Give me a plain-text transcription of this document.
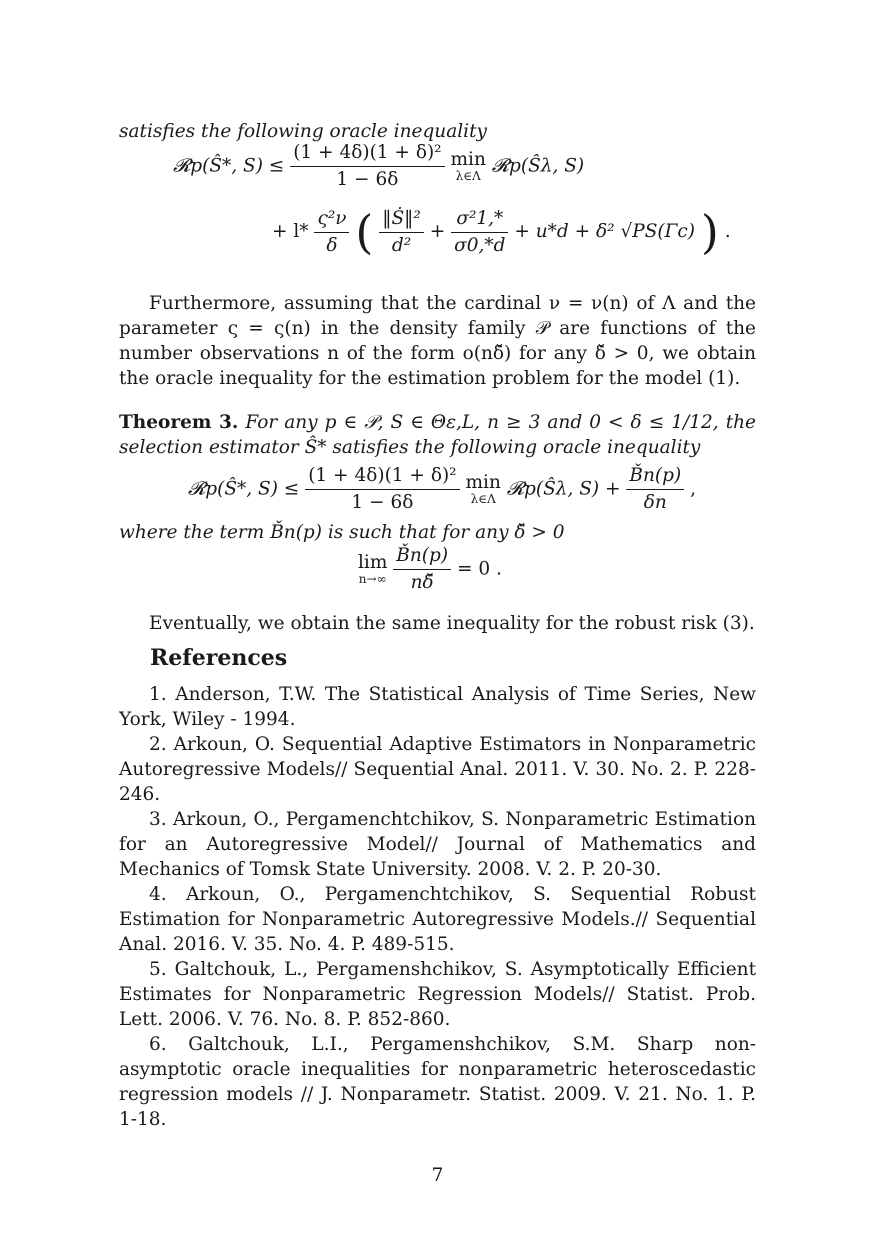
satisfies the following oracle inequality
𝓡p(Ŝ*, $S) \le \frac{\text{(1 + 4δ)(1 + δ)²}}{1 - 6\delta}$ min
λ∈Λ 𝓡p(Ŝλ, S)
+ $l* \frac{\text{ς²ν}}{\delta}$ ( $\frac{\text{‖Ṡ‖²}}{\text{d²}} + \frac{\text{σ²1,*}}{\sigma 0,*d} + u*d + \delta^2$ √PS(Γc) ) .
Furthermore, assuming that the cardinal ν = ν(n) of Λ and the parameter ς = ς(n) in the density family 𝒫 are functions of the number observations n of the form o(nδ̌) for any δ̌ > 0, we obtain the oracle inequality for the estimation problem for the model (1).
Theorem 3. For any p ∈ 𝒫, S ∈ Θε,L, n ≥ 3 and 0 < δ ≤ 1/12, the selection estimator Ŝ* satisfies the following oracle inequality
𝓡p(Ŝ*, $S) \le \frac{\text{(1 + 4δ)(1 + δ)²}}{1 - 6\delta}$ min
λ∈Λ 𝓡p(Ŝλ, $S) + \frac{B̌n(p)}{\delta n}$ ,
where the term B̌n(p) is such that for any δ̌ > 0
lim
n→∞
$\frac{B̌n(p)}{n\deltǎ} = 0$ .
Eventually, we obtain the same inequality for the robust risk (3).
References
1. Anderson, T.W. The Statistical Analysis of Time Series, New York, Wiley - 1994.
2. Arkoun, O. Sequential Adaptive Estimators in Nonparametric Autoregressive Models// Sequential Anal. 2011. V. 30. No. 2. P. 228-246.
3. Arkoun, O., Pergamenchtchikov, S. Nonparametric Estimation for an Autoregressive Model// Journal of Mathematics and Mechanics of Tomsk State University. 2008. V. 2. P. 20-30.
4. Arkoun, O., Pergamenchtchikov, S. Sequential Robust Estimation for Nonparametric Autoregressive Models.// Sequential Anal. 2016. V. 35. No. 4. P. 489-515.
5. Galtchouk, L., Pergamenshchikov, S. Asymptotically Efficient Estimates for Nonparametric Regression Models// Statist. Prob. Lett. 2006. V. 76. No. 8. P. 852-860.
6. Galtchouk, L.I., Pergamenshchikov, S.M. Sharp non-asymptotic oracle inequalities for nonparametric heteroscedastic regression models // J. Nonparametr. Statist. 2009. V. 21. No. 1. P. 1-18.
7
